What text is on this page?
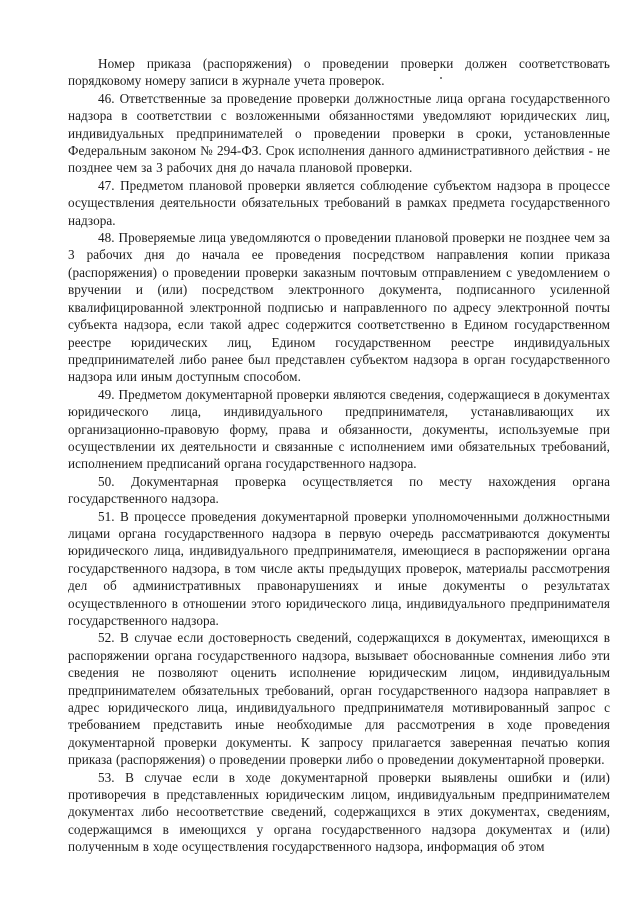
Номер приказа (распоряжения) о проведении проверки должен соответствовать порядковому номеру записи в журнале учета проверок.

46. Ответственные за проведение проверки должностные лица органа государственного надзора в соответствии с возложенными обязанностями уведомляют юридических лиц, индивидуальных предпринимателей о проведении проверки в сроки, установленные Федеральным законом № 294-ФЗ. Срок исполнения данного административного действия - не позднее чем за 3 рабочих дня до начала плановой проверки.

47. Предметом плановой проверки является соблюдение субъектом надзора в процессе осуществления деятельности обязательных требований в рамках предмета государственного надзора.

48. Проверяемые лица уведомляются о проведении плановой проверки не позднее чем за 3 рабочих дня до начала ее проведения посредством направления копии приказа (распоряжения) о проведении проверки заказным почтовым отправлением с уведомлением о вручении и (или) посредством электронного документа, подписанного усиленной квалифицированной электронной подписью и направленного по адресу электронной почты субъекта надзора, если такой адрес содержится соответственно в Едином государственном реестре юридических лиц, Едином государственном реестре индивидуальных предпринимателей либо ранее был представлен субъектом надзора в орган государственного надзора или иным доступным способом.

49. Предметом документарной проверки являются сведения, содержащиеся в документах юридического лица, индивидуального предпринимателя, устанавливающих их организационно-правовую форму, права и обязанности, документы, используемые при осуществлении их деятельности и связанные с исполнением ими обязательных требований, исполнением предписаний органа государственного надзора.

50. Документарная проверка осуществляется по месту нахождения органа государственного надзора.

51. В процессе проведения документарной проверки уполномоченными должностными лицами органа государственного надзора в первую очередь рассматриваются документы юридического лица, индивидуального предпринимателя, имеющиеся в распоряжении органа государственного надзора, в том числе акты предыдущих проверок, материалы рассмотрения дел об административных правонарушениях и иные документы о результатах осуществленного в отношении этого юридического лица, индивидуального предпринимателя государственного надзора.

52. В случае если достоверность сведений, содержащихся в документах, имеющихся в распоряжении органа государственного надзора, вызывает обоснованные сомнения либо эти сведения не позволяют оценить исполнение юридическим лицом, индивидуальным предпринимателем обязательных требований, орган государственного надзора направляет в адрес юридического лица, индивидуального предпринимателя мотивированный запрос с требованием представить иные необходимые для рассмотрения в ходе проведения документарной проверки документы. К запросу прилагается заверенная печатью копия приказа (распоряжения) о проведении проверки либо о проведении документарной проверки.

53. В случае если в ходе документарной проверки выявлены ошибки и (или) противоречия в представленных юридическим лицом, индивидуальным предпринимателем документах либо несоответствие сведений, содержащихся в этих документах, сведениям, содержащимся в имеющихся у органа государственного надзора документах и (или) полученным в ходе осуществления государственного надзора, информация об этом
